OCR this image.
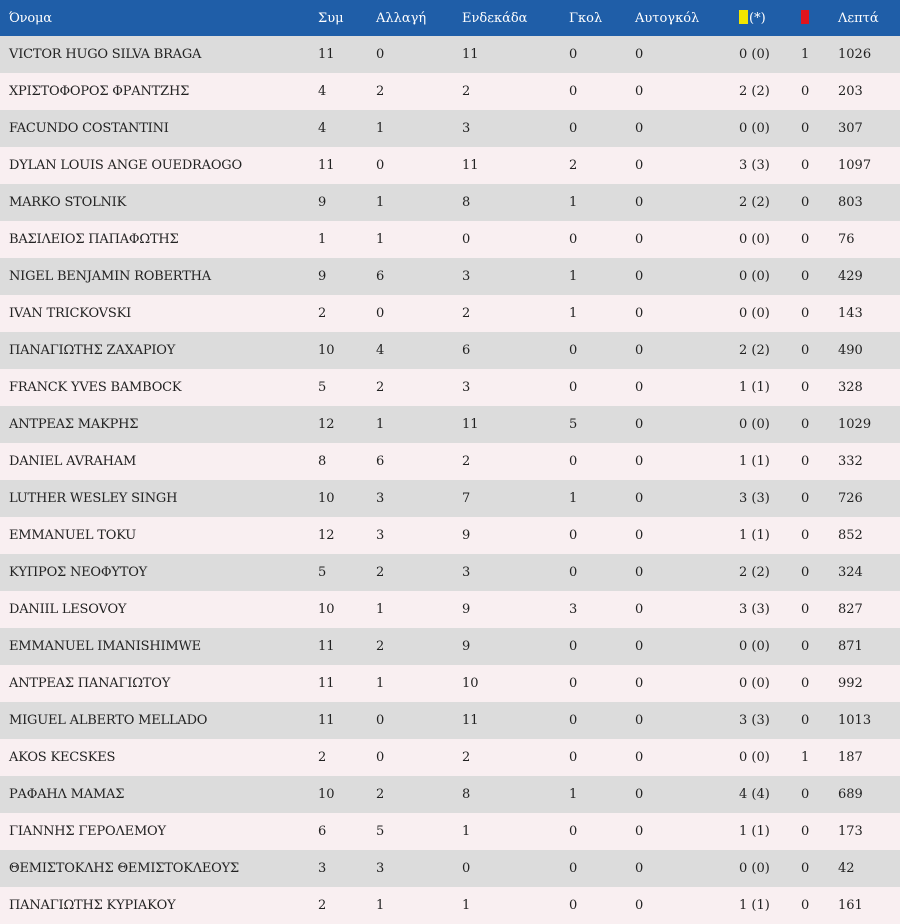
Όνομα	Συμ	Αλλαγή	Ενδεκάδα	Γκολ	Αυτογκόλ	(*)		Λεπτά
VICTOR HUGO SILVA BRAGA	11	0	11	0	0	0 (0)	1	1026
ΧΡΙΣΤΟΦΟΡΟΣ ΦΡΑΝΤΖΗΣ	4	2	2	0	0	2 (2)	0	203
FACUNDO COSTANTINI	4	1	3	0	0	0 (0)	0	307
DYLAN LOUIS ANGE OUEDRAOGO	11	0	11	2	0	3 (3)	0	1097
MARKO STOLNIK	9	1	8	1	0	2 (2)	0	803
ΒΑΣΙΛΕΙΟΣ ΠΑΠΑΦΩΤΗΣ	1	1	0	0	0	0 (0)	0	76
NIGEL BENJAMIN ROBERTHA	9	6	3	1	0	0 (0)	0	429
IVAN TRICKOVSKI	2	0	2	1	0	0 (0)	0	143
ΠΑΝΑΓΙΩΤΗΣ ΖΑΧΑΡΙΟΥ	10	4	6	0	0	2 (2)	0	490
FRANCK YVES BAMBOCK	5	2	3	0	0	1 (1)	0	328
ΑΝΤΡΕΑΣ ΜΑΚΡΗΣ	12	1	11	5	0	0 (0)	0	1029
DANIEL AVRAHAM	8	6	2	0	0	1 (1)	0	332
LUTHER WESLEY SINGH	10	3	7	1	0	3 (3)	0	726
EMMANUEL TOKU	12	3	9	0	0	1 (1)	0	852
ΚΥΠΡΟΣ ΝΕΟΦΥΤΟΥ	5	2	3	0	0	2 (2)	0	324
DANIIL LESOVOY	10	1	9	3	0	3 (3)	0	827
EMMANUEL IMANISHIMWE	11	2	9	0	0	0 (0)	0	871
ΑΝΤΡΕΑΣ ΠΑΝΑΓΙΩΤΟΥ	11	1	10	0	0	0 (0)	0	992
MIGUEL ALBERTO MELLADO	11	0	11	0	0	3 (3)	0	1013
AKOS KECSKES	2	0	2	0	0	0 (0)	1	187
ΡΑΦΑΗΛ ΜΑΜΑΣ	10	2	8	1	0	4 (4)	0	689
ΓΙΑΝΝΗΣ ΓΕΡΟΛΕΜΟΥ	6	5	1	0	0	1 (1)	0	173
ΘΕΜΙΣΤΟΚΛΗΣ ΘΕΜΙΣΤΟΚΛΕΟΥΣ	3	3	0	0	0	0 (0)	0	42
ΠΑΝΑΓΙΩΤΗΣ ΚΥΡΙΑΚΟΥ	2	1	1	0	0	1 (1)	0	161
